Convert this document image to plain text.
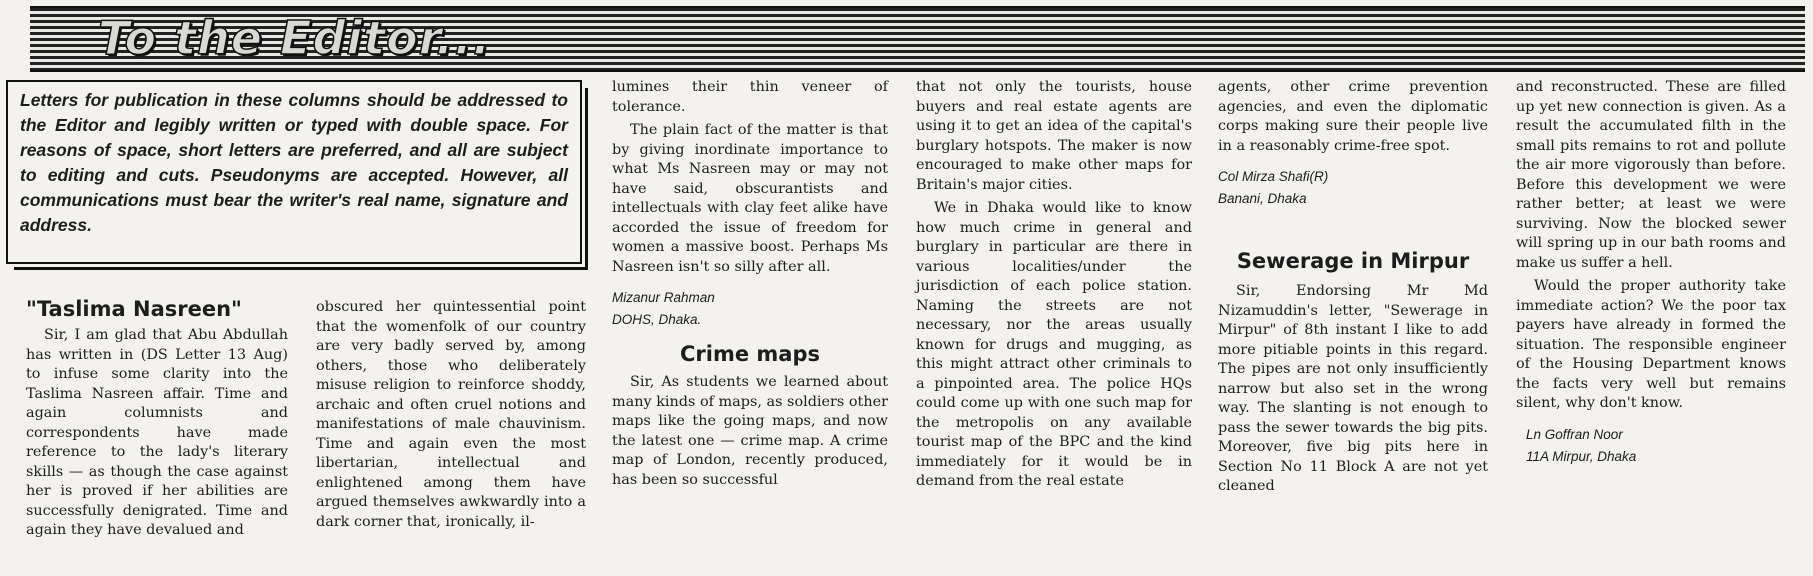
To the Editor...
Letters for publication in these columns should be addressed to the Editor and legibly written or typed with double space. For reasons of space, short letters are preferred, and all are subject to editing and cuts. Pseudonyms are accepted. However, all communications must bear the writer's real name, signature and address.
"Taslima Nasreen"

Sir, I am glad that Abu Abdullah has written in (DS Letter 13 Aug) to infuse some clarity into the Taslima Nasreen affair. Time and again columnists and correspondents have made reference to the lady's literary skills — as though the case against her is proved if her abilities are successfully denigrated. Time and again they have devalued and

obscured her quintessential point that the womenfolk of our country are very badly served by, among others, those who deliberately misuse religion to reinforce shoddy, archaic and often cruel notions and manifestations of male chauvinism. Time and again even the most libertarian, intellectual and enlightened among them have argued themselves awkwardly into a dark corner that, ironically, il-

lumines their thin veneer of tolerance.

The plain fact of the matter is that by giving inordinate importance to what Ms Nasreen may or may not have said, obscurantists and intellectuals with clay feet alike have accorded the issue of freedom for women a massive boost. Perhaps Ms Nasreen isn't so silly after all.

Mizanur Rahman

DOHS, Dhaka.

Crime maps

Sir, As students we learned about many kinds of maps, as soldiers other maps like the going maps, and now the latest one — crime map. A crime map of London, recently produced, has been so successful

that not only the tourists, house buyers and real estate agents are using it to get an idea of the capital's burglary hotspots. The maker is now encouraged to make other maps for Britain's major cities.

We in Dhaka would like to know how much crime in general and burglary in particular are there in various localities/under the jurisdiction of each police station. Naming the streets are not necessary, nor the areas usually known for drugs and mugging, as this might attract other criminals to a pinpointed area. The police HQs could come up with one such map for the metropolis on any available tourist map of the BPC and the kind immediately for it would be in demand from the real estate

agents, other crime prevention agencies, and even the diplomatic corps making sure their people live in a reasonably crime-free spot.

Col Mirza Shafi(R)

Banani, Dhaka

Sewerage in Mirpur

Sir, Endorsing Mr Md Nizamuddin's letter, "Sewerage in Mirpur" of 8th instant I like to add more pitiable points in this regard. The pipes are not only insufficiently narrow but also set in the wrong way. The slanting is not enough to pass the sewer towards the big pits. Moreover, five big pits here in Section No 11 Block A are not yet cleaned

and reconstructed. These are filled up yet new connection is given. As a result the accumulated filth in the small pits remains to rot and pollute the air more vigorously than before. Before this development we were rather better; at least we were surviving. Now the blocked sewer will spring up in our bath rooms and make us suffer a hell.

Would the proper authority take immediate action? We the poor tax payers have already in formed the situation. The responsible engineer of the Housing Department knows the facts very well but remains silent, why don't know.

Ln Goffran Noor

11A Mirpur, Dhaka
